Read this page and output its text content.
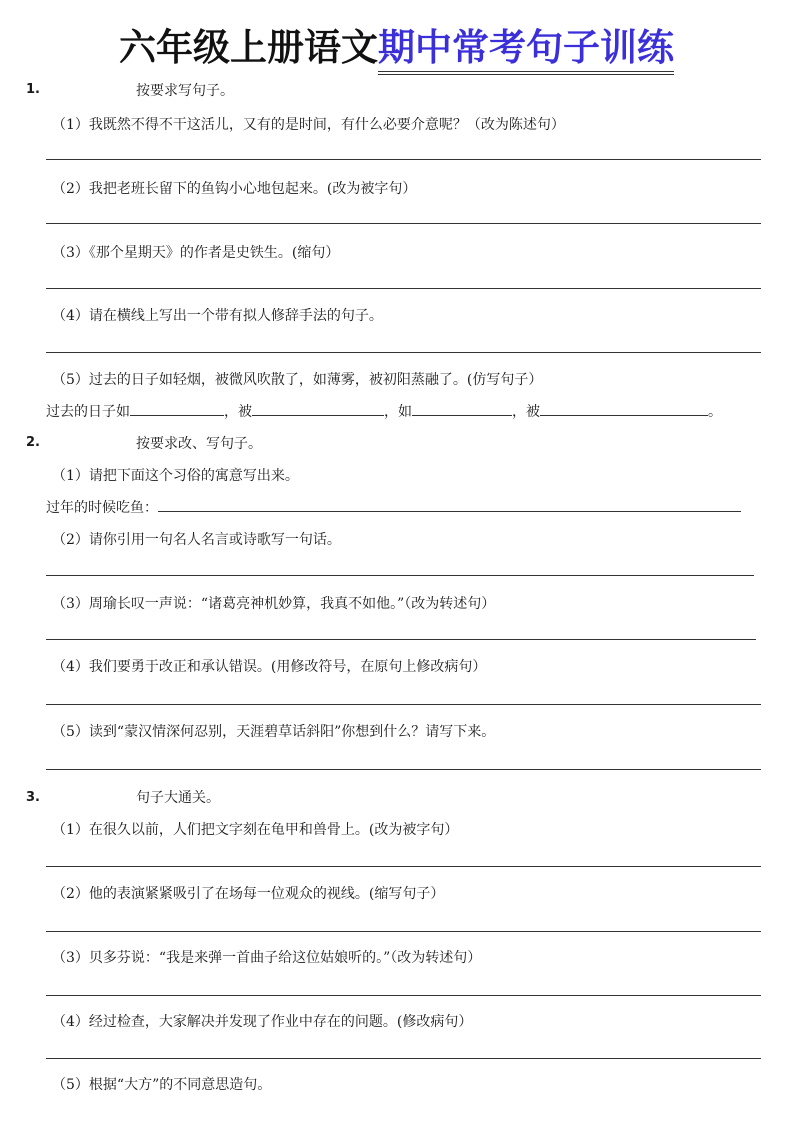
六年级上册语文期中常考句子训练
1.	按要求写句子。
（1）我既然不得不干这活儿，又有的是时间，有什么必要介意呢？（改为陈述句）
（2）我把老班长留下的鱼钩小心地包起来。(改为被字句）
（3）《那个星期天》的作者是史铁生。(缩句）
（4）请在横线上写出一个带有拟人修辞手法的句子。
（5）过去的日子如轻烟，被微风吹散了，如薄雾，被初阳蒸融了。(仿写句子）
过去的日子如	，被	，如	，被	。
2.	按要求改、写句子。
（1）请把下面这个习俗的寓意写出来。
过年的时候吃鱼：
（2）请你引用一句名人名言或诗歌写一句话。
（3）周瑜长叹一声说：“诸葛亮神机妙算，我真不如他。”（改为转述句）
（4）我们要勇于改正和承认错误。(用修改符号，在原句上修改病句）
（5）读到“蒙汉情深何忍别，天涯碧草话斜阳”你想到什么？请写下来。
3.	句子大通关。
（1）在很久以前，人们把文字刻在龟甲和兽骨上。(改为被字句）
（2）他的表演紧紧吸引了在场每一位观众的视线。(缩写句子）
（3）贝多芬说：“我是来弹一首曲子给这位姑娘听的。”（改为转述句）
（4）经过检查，大家解决并发现了作业中存在的问题。(修改病句）
（5）根据“大方”的不同意思造句。
